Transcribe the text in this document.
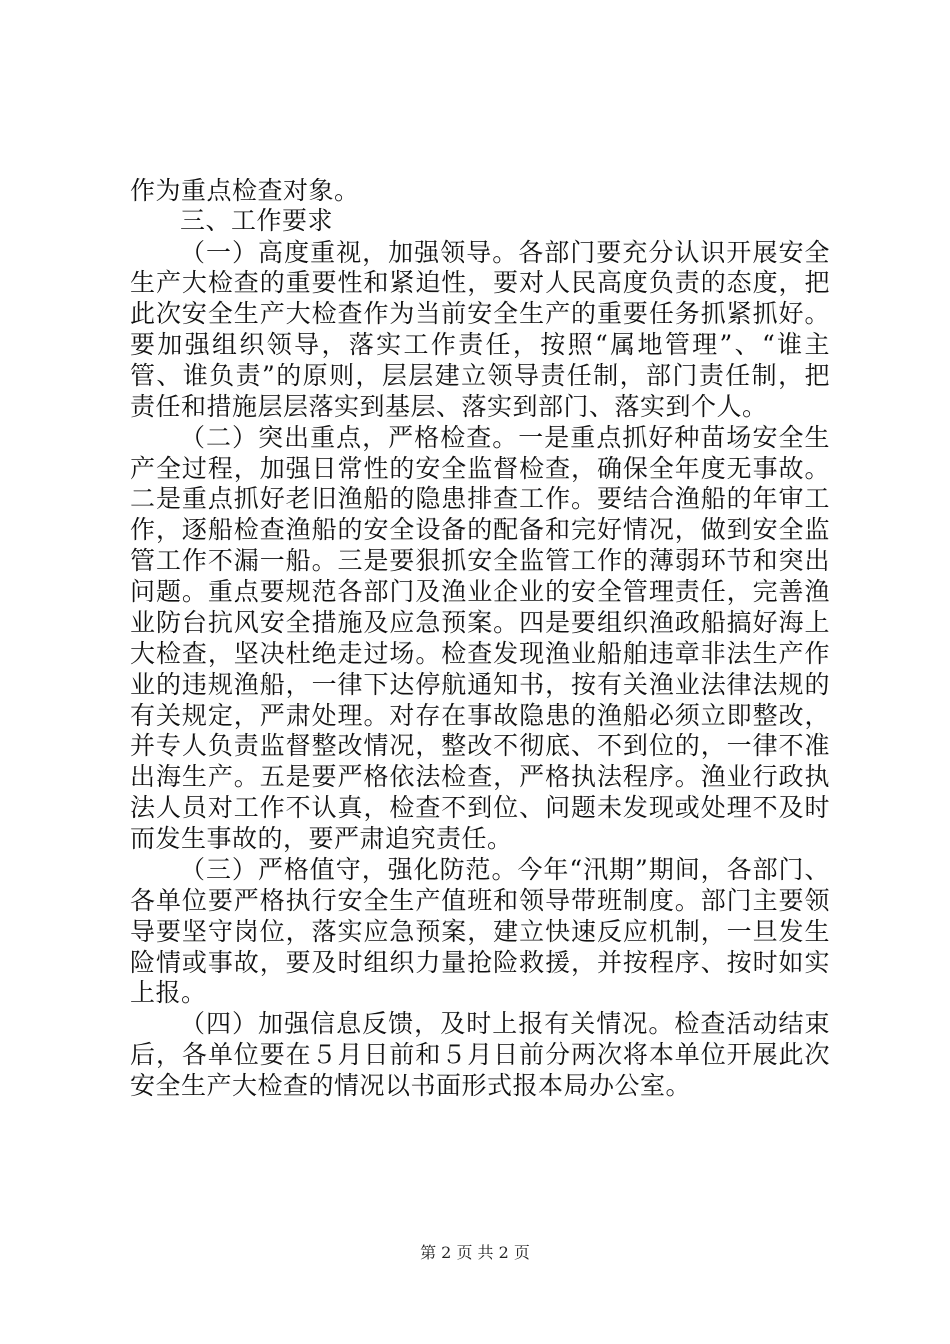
作为重点检查对象。
三、工作要求
（一）高度重视，加强领导。各部门要充分认识开展安全
生产大检查的重要性和紧迫性，要对人民高度负责的态度，把
此次安全生产大检查作为当前安全生产的重要任务抓紧抓好。
要加强组织领导，落实工作责任，按照“属地管理”、“谁主
管、谁负责”的原则，层层建立领导责任制，部门责任制，把
责任和措施层层落实到基层、落实到部门、落实到个人。
（二）突出重点，严格检查。一是重点抓好种苗场安全生
产全过程，加强日常性的安全监督检查，确保全年度无事故。
二是重点抓好老旧渔船的隐患排查工作。要结合渔船的年审工
作，逐船检查渔船的安全设备的配备和完好情况，做到安全监
管工作不漏一船。三是要狠抓安全监管工作的薄弱环节和突出
问题。重点要规范各部门及渔业企业的安全管理责任，完善渔
业防台抗风安全措施及应急预案。四是要组织渔政船搞好海上
大检查，坚决杜绝走过场。检查发现渔业船舶违章非法生产作
业的违规渔船，一律下达停航通知书，按有关渔业法律法规的
有关规定，严肃处理。对存在事故隐患的渔船必须立即整改，
并专人负责监督整改情况，整改不彻底、不到位的，一律不准
出海生产。五是要严格依法检查，严格执法程序。渔业行政执
法人员对工作不认真，检查不到位、问题未发现或处理不及时
而发生事故的，要严肃追究责任。
（三）严格值守，强化防范。今年“汛期”期间，各部门、
各单位要严格执行安全生产值班和领导带班制度。部门主要领
导要坚守岗位，落实应急预案，建立快速反应机制，一旦发生
险情或事故，要及时组织力量抢险救援，并按程序、按时如实
上报。
（四）加强信息反馈，及时上报有关情况。检查活动结束
后，各单位要在５月日前和５月日前分两次将本单位开展此次
安全生产大检查的情况以书面形式报本局办公室。
第 2 页 共 2 页
